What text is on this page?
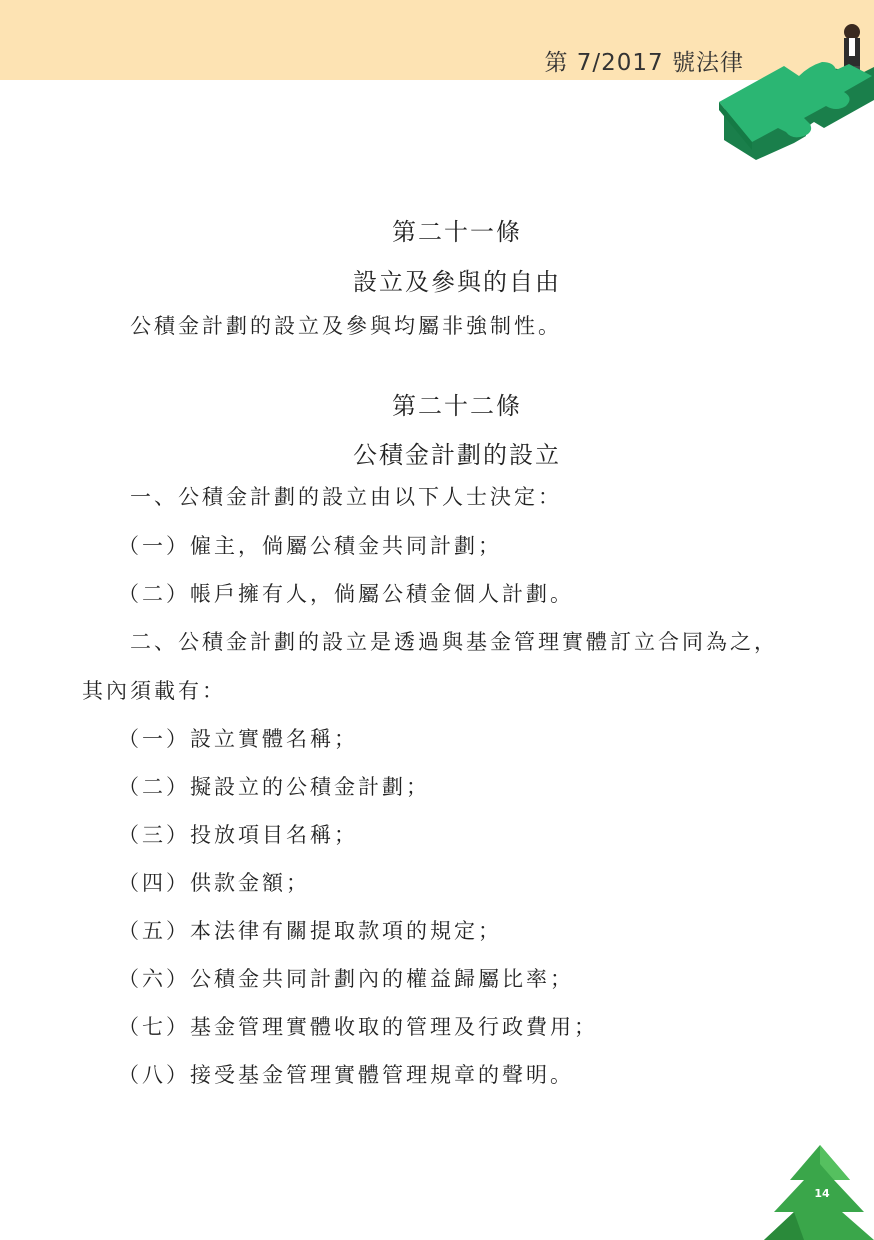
第 7/2017 號法律
第二十一條
設立及參與的自由
公積金計劃的設立及參與均屬非強制性。
第二十二條
公積金計劃的設立
一、公積金計劃的設立由以下人士決定：
（一）僱主，倘屬公積金共同計劃；
（二）帳戶擁有人，倘屬公積金個人計劃。
二、公積金計劃的設立是透過與基金管理實體訂立合同為之，
其內須載有：
（一）設立實體名稱；
（二）擬設立的公積金計劃；
（三）投放項目名稱；
（四）供款金額；
（五）本法律有關提取款項的規定；
（六）公積金共同計劃內的權益歸屬比率；
（七）基金管理實體收取的管理及行政費用；
（八）接受基金管理實體管理規章的聲明。
14
